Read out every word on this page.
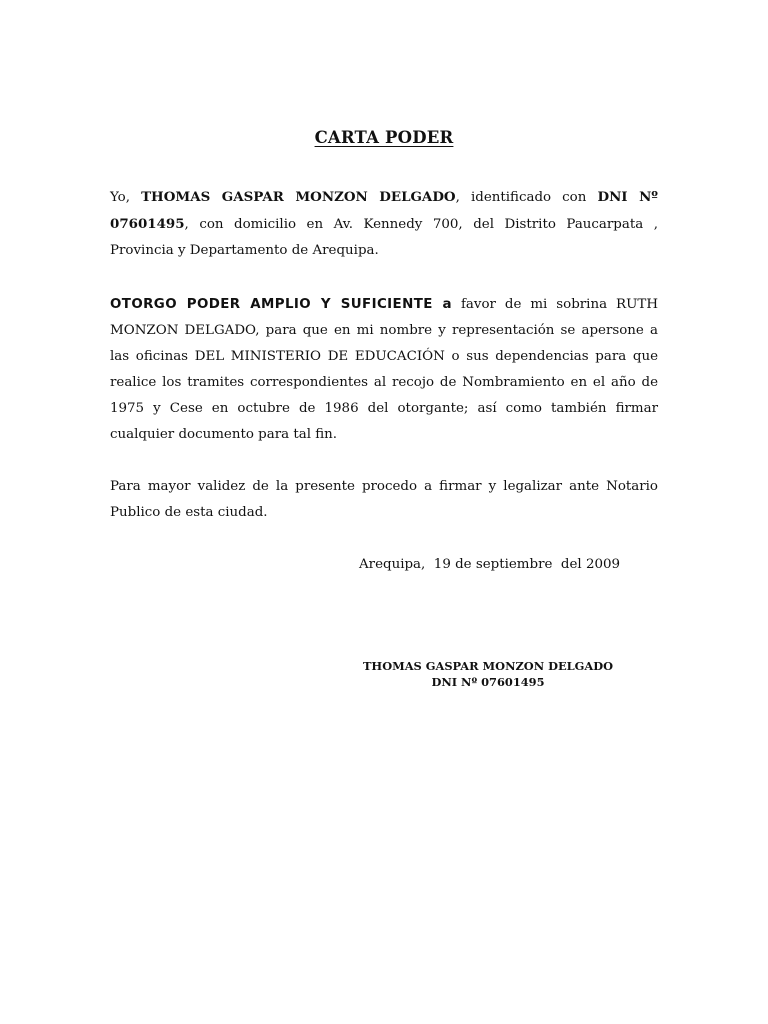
CARTA PODER
Yo, THOMAS GASPAR MONZON DELGADO, identificado con DNI Nº 07601495, con domicilio en Av. Kennedy 700, del Distrito Paucarpata , Provincia y Departamento de Arequipa.
OTORGO PODER AMPLIO Y SUFICIENTE a favor de mi sobrina RUTH MONZON DELGADO, para que en mi nombre y representación se apersone a las oficinas DEL MINISTERIO DE EDUCACIÓN o sus dependencias para que realice los tramites correspondientes al recojo de Nombramiento en el año de 1975 y Cese en octubre de 1986 del otorgante; así como también firmar cualquier documento para tal fin.
Para mayor validez de la presente procedo a firmar y legalizar ante Notario Publico de esta ciudad.
Arequipa,  19 de septiembre  del 2009
THOMAS GASPAR MONZON DELGADO
DNI Nº 07601495
